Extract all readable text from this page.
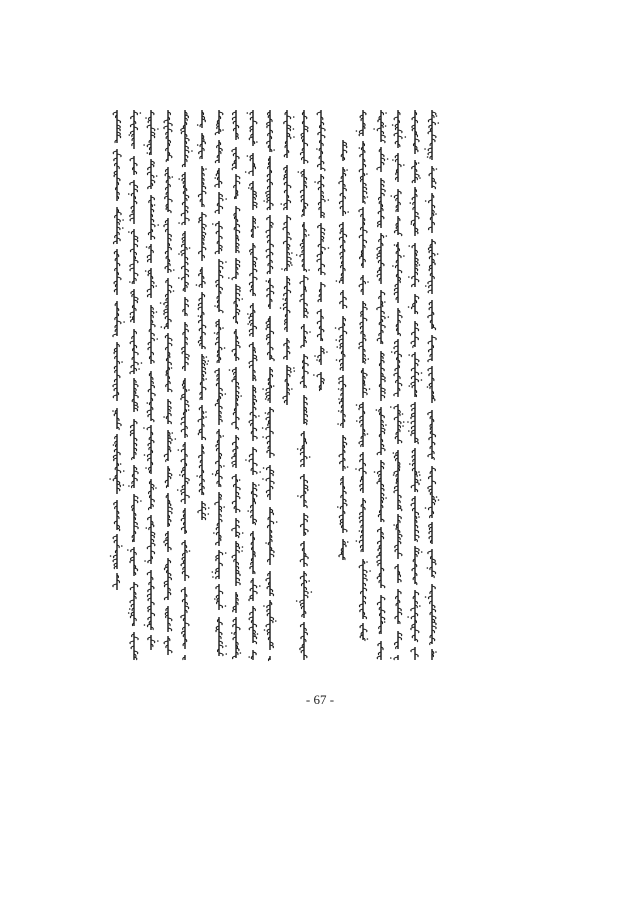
- 67 -
